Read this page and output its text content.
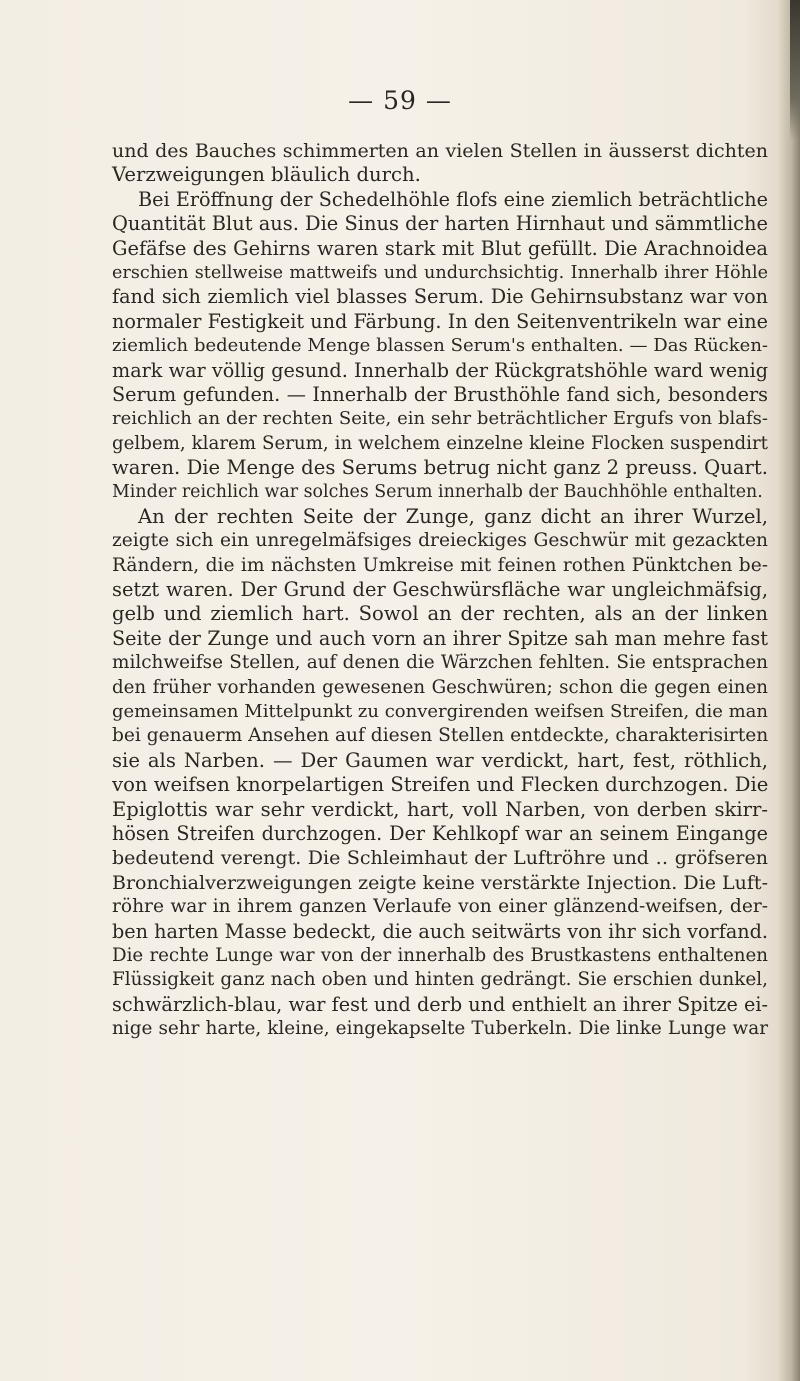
— 59 —
und des Bauches schimmerten an vielen Stellen in äusserst dichten
Verzweigungen bläulich durch.
Bei Eröffnung der Schedelhöhle flofs eine ziemlich beträchtliche
Quantität Blut aus. Die Sinus der harten Hirnhaut und sämmtliche
Gefäfse des Gehirns waren stark mit Blut gefüllt. Die Arachnoidea
erschien stellweise mattweifs und undurchsichtig. Innerhalb ihrer Höhle
fand sich ziemlich viel blasses Serum. Die Gehirnsubstanz war von
normaler Festigkeit und Färbung. In den Seitenventrikeln war eine
ziemlich bedeutende Menge blassen Serum's enthalten. — Das Rücken-
mark war völlig gesund. Innerhalb der Rückgratshöhle ward wenig
Serum gefunden. — Innerhalb der Brusthöhle fand sich, besonders
reichlich an der rechten Seite, ein sehr beträchtlicher Ergufs von blafs-
gelbem, klarem Serum, in welchem einzelne kleine Flocken suspendirt
waren. Die Menge des Serums betrug nicht ganz 2 preuss. Quart.
Minder reichlich war solches Serum innerhalb der Bauchhöhle enthalten.
An der rechten Seite der Zunge, ganz dicht an ihrer Wurzel,
zeigte sich ein unregelmäfsiges dreieckiges Geschwür mit gezackten
Rändern, die im nächsten Umkreise mit feinen rothen Pünktchen be-
setzt waren. Der Grund der Geschwürsfläche war ungleichmäfsig,
gelb und ziemlich hart. Sowol an der rechten, als an der linken
Seite der Zunge und auch vorn an ihrer Spitze sah man mehre fast
milchweifse Stellen, auf denen die Wärzchen fehlten. Sie entsprachen
den früher vorhanden gewesenen Geschwüren; schon die gegen einen
gemeinsamen Mittelpunkt zu convergirenden weifsen Streifen, die man
bei genauerm Ansehen auf diesen Stellen entdeckte, charakterisirten
sie als Narben. — Der Gaumen war verdickt, hart, fest, röthlich,
von weifsen knorpelartigen Streifen und Flecken durchzogen. Die
Epiglottis war sehr verdickt, hart, voll Narben, von derben skirr-
hösen Streifen durchzogen. Der Kehlkopf war an seinem Eingange
bedeutend verengt. Die Schleimhaut der Luftröhre und ‥ gröfseren
Bronchialverzweigungen zeigte keine verstärkte Injection. Die Luft-
röhre war in ihrem ganzen Verlaufe von einer glänzend-weifsen, der-
ben harten Masse bedeckt, die auch seitwärts von ihr sich vorfand.
Die rechte Lunge war von der innerhalb des Brustkastens enthaltenen
Flüssigkeit ganz nach oben und hinten gedrängt. Sie erschien dunkel,
schwärzlich-blau, war fest und derb und enthielt an ihrer Spitze ei-
nige sehr harte, kleine, eingekapselte Tuberkeln. Die linke Lunge war
